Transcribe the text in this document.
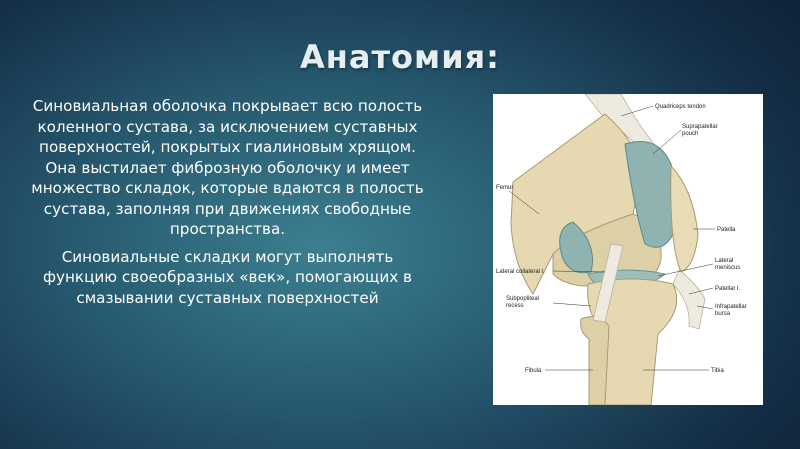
Анатомия:

Синовиальная оболочка покрывает всю полость коленного сустава, за исключением суставных поверхностей, покрытых гиалиновым хрящом. Она выстилает фиброзную оболочку и имеет множество складок, которые вдаются в полость сустава, заполняя при движениях свободные пространства.

Синовиальные складки могут выполнять функцию своеобразных «век», помогающих в смазывании суставных поверхностей

Quadriceps tendon
Suprapatellar
pouch
Femur
Patella
Lateral collateral l.
Lateral
meniscus
Patellar l.
Subpopliteal
recess	Infrapatellar
bursa
Fibula	Tibia
